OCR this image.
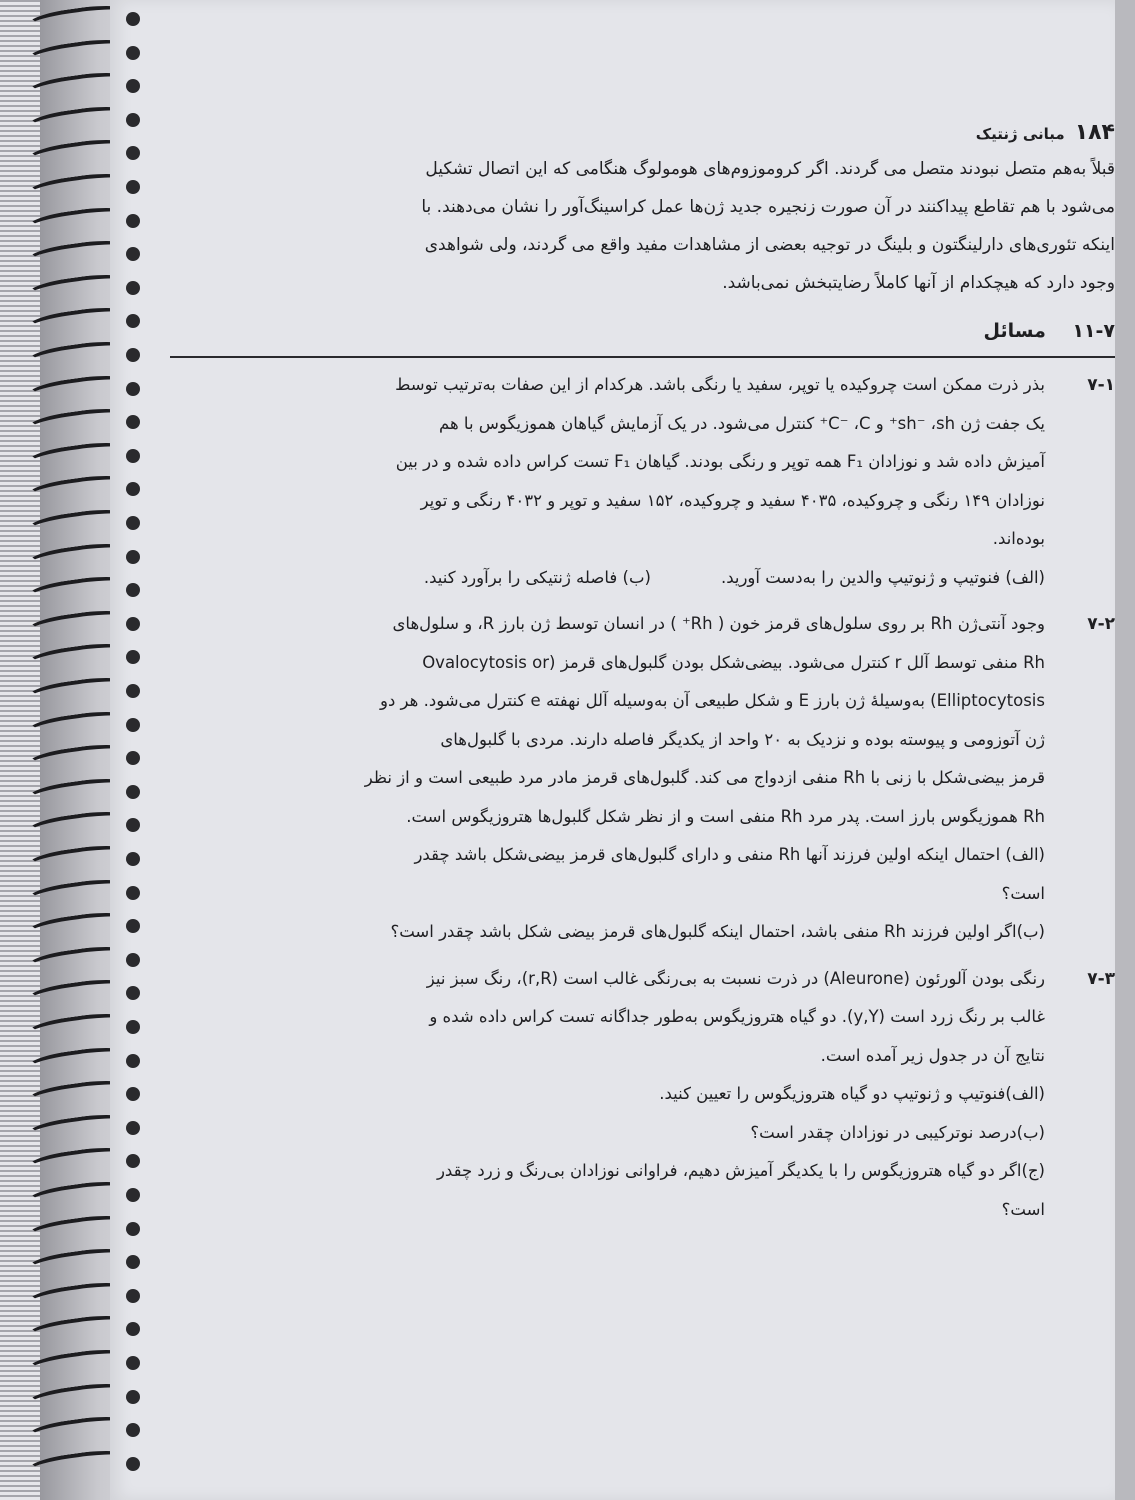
۱۸۴
مبانی ژنتیک

قبلاً به‌هم متصل نبودند متصل می گردند. اگر کروموزوم‌های هومولوگ هنگامی که این اتصال تشکیل

می‌شود با هم تقاطع پیداکنند در آن صورت زنجیره جدید ژن‌ها عمل کراسینگ‌آور را نشان می‌دهند. با

اینکه تئوری‌های دارلینگتون و بلینگ در توجیه بعضی از مشاهدات مفید واقع می گردند، ولی شواهدی

وجود دارد که هیچکدام از آنها کاملاً رضایتبخش نمی‌باشد.

۱۱-۷    مسائل
۷-۱

بذر ذرت ممکن است چروکیده یا توپر، سفید یا رنگی باشد. هرکدام از این صفات به‌ترتیب توسط

یک جفت ژن sh⁻ ،sh⁺ و C⁻ ،C⁺ کنترل می‌شود. در یک آزمایش گیاهان هموزیگوس با هم

آمیزش داده شد و نوزادان F₁ همه توپر و رنگی بودند. گیاهان F₁ تست کراس داده شده و در بین

نوزادان ۱۴۹ رنگی و چروکیده، ۴۰۳۵ سفید و چروکیده، ۱۵۲ سفید و توپر و ۴۰۳۲ رنگی و توپر

بوده‌اند.

(الف) فنوتیپ و ژنوتیپ والدین را به‌دست آورید.

(ب) فاصله ژنتیکی را برآورد کنید.

۷-۲

وجود آنتی‌ژن Rh بر روی سلول‌های قرمز خون ( Rh⁺ ) در انسان توسط ژن بارز R، و سلول‌های

Rh منفی توسط آلل r کنترل می‌شود. بیضی‌شکل بودن گلبول‌های قرمز (Ovalocytosis or

Elliptocytosis) به‌وسیلهٔ ژن بارز E و شکل طبیعی آن به‌وسیله آلل نهفته e کنترل می‌شود. هر دو

ژن آتوزومی و پیوسته بوده و نزدیک به ۲۰ واحد از یکدیگر فاصله دارند. مردی با گلبول‌های

قرمز بیضی‌شکل با زنی با Rh منفی ازدواج می کند. گلبول‌های قرمز مادر مرد طبیعی است و از نظر

Rh هموزیگوس بارز است. پدر مرد Rh منفی است و از نظر شکل گلبول‌ها هتروزیگوس است.

(الف) احتمال اینکه اولین فرزند آنها Rh منفی و دارای گلبول‌های قرمز بیضی‌شکل باشد چقدر

است؟

(ب)اگر اولین فرزند Rh منفی باشد، احتمال اینکه گلبول‌های قرمز بیضی شکل باشد چقدر است؟

۷-۳

رنگی بودن آلورئون (Aleurone) در ذرت نسبت به بی‌رنگی غالب است (r,R)، رنگ سبز نیز

غالب بر رنگ زرد است (y,Y). دو گیاه هتروزیگوس به‌طور جداگانه تست کراس داده شده و

نتایج آن در جدول زیر آمده است.

(الف)فنوتیپ و ژنوتیپ دو گیاه هتروزیگوس را تعیین کنید.

(ب)درصد نوترکیبی در نوزادان چقدر است؟

(ج)اگر دو گیاه هتروزیگوس را با یکدیگر آمیزش دهیم، فراوانی نوزادان بی‌رنگ و زرد چقدر

است؟
